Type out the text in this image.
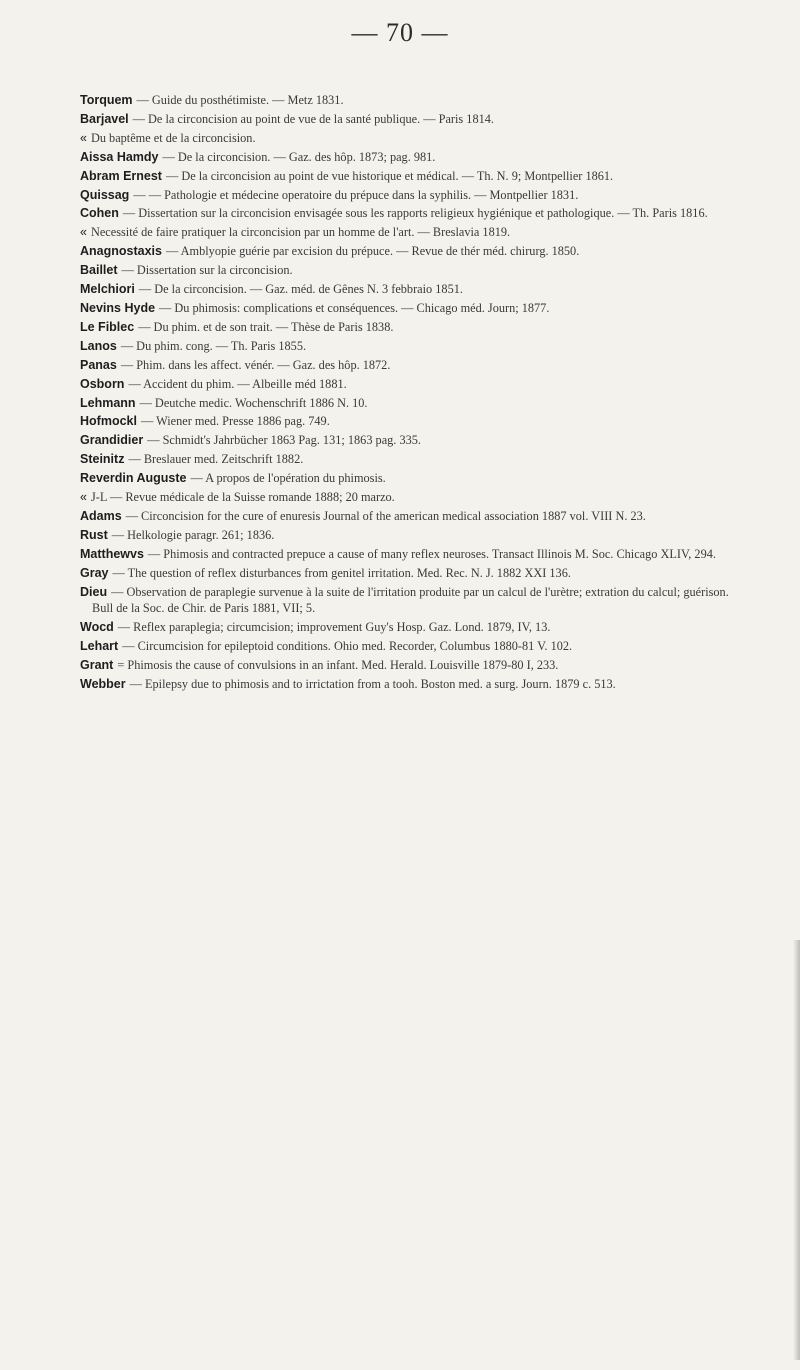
— 70 —

Torquem — Guide du posthétimiste. — Metz 1831.

Barjavel — De la circoncision au point de vue de la santé publique. — Paris 1814.

« Du baptême et de la circoncision.

Aissa Hamdy — De la circoncision. — Gaz. des hôp. 1873; pag. 981.

Abram Ernest — De la circoncision au point de vue historique et médical. — Th. N. 9; Montpellier 1861.

Quissag — — Pathologie et médecine operatoire du prépuce dans la syphilis. — Montpellier 1831.

Cohen — Dissertation sur la circoncision envisagée sous les rapports religieux hygiénique et pathologique. — Th. Paris 1816.

« Necessité de faire pratiquer la circoncision par un homme de l'art. — Breslavia 1819.

Anagnostaxis — Amblyopie guérie par excision du prépuce. — Revue de thér méd. chirurg. 1850.

Baillet — Dissertation sur la circoncision.

Melchiori — De la circoncision. — Gaz. méd. de Gênes N. 3 febbraio 1851.

Nevins Hyde — Du phimosis: complications et conséquences. — Chicago méd. Journ; 1877.

Le Fiblec — Du phim. et de son trait. — Thèse de Paris 1838.

Lanos — Du phim. cong. — Th. Paris 1855.

Panas — Phim. dans les affect. vénér. — Gaz. des hôp. 1872.

Osborn — Accident du phim. — Albeille méd 1881.

Lehmann — Deutche medic. Wochenschrift 1886 N. 10.

Hofmockl — Wiener med. Presse 1886 pag. 749.

Grandidier — Schmidt's Jahrbücher 1863 Pag. 131; 1863 pag. 335.

Steinitz — Breslauer med. Zeitschrift 1882.

Reverdin Auguste — A propos de l'opération du phimosis.

« J-L — Revue médicale de la Suisse romande 1888; 20 marzo.

Adams — Circoncision for the cure of enuresis Journal of the american medical association 1887 vol. VIII N. 23.

Rust — Helkologie paragr. 261; 1836.

Matthewvs — Phimosis and contracted prepuce a cause of many reflex neuroses. Transact Illinois M. Soc. Chicago XLIV, 294.

Gray — The question of reflex disturbances from genitel irritation. Med. Rec. N. J. 1882 XXI 136.

Dieu — Observation de paraplegie survenue à la suite de l'irritation produite par un calcul de l'urètre; extration du calcul; guérison. Bull de la Soc. de Chir. de Paris 1881, VII; 5.

Wocd — Reflex paraplegia; circumcision; improvement Guy's Hosp. Gaz. Lond. 1879, IV, 13.

Lehart — Circumcision for epileptoid conditions. Ohio med. Recorder, Columbus 1880-81 V. 102.

Grant = Phimosis the cause of convulsions in an infant. Med. Herald. Louisville 1879-80 I, 233.

Webber — Epilepsy due to phimosis and to irrictation from a tooh. Boston med. a surg. Journ. 1879 c. 513.
